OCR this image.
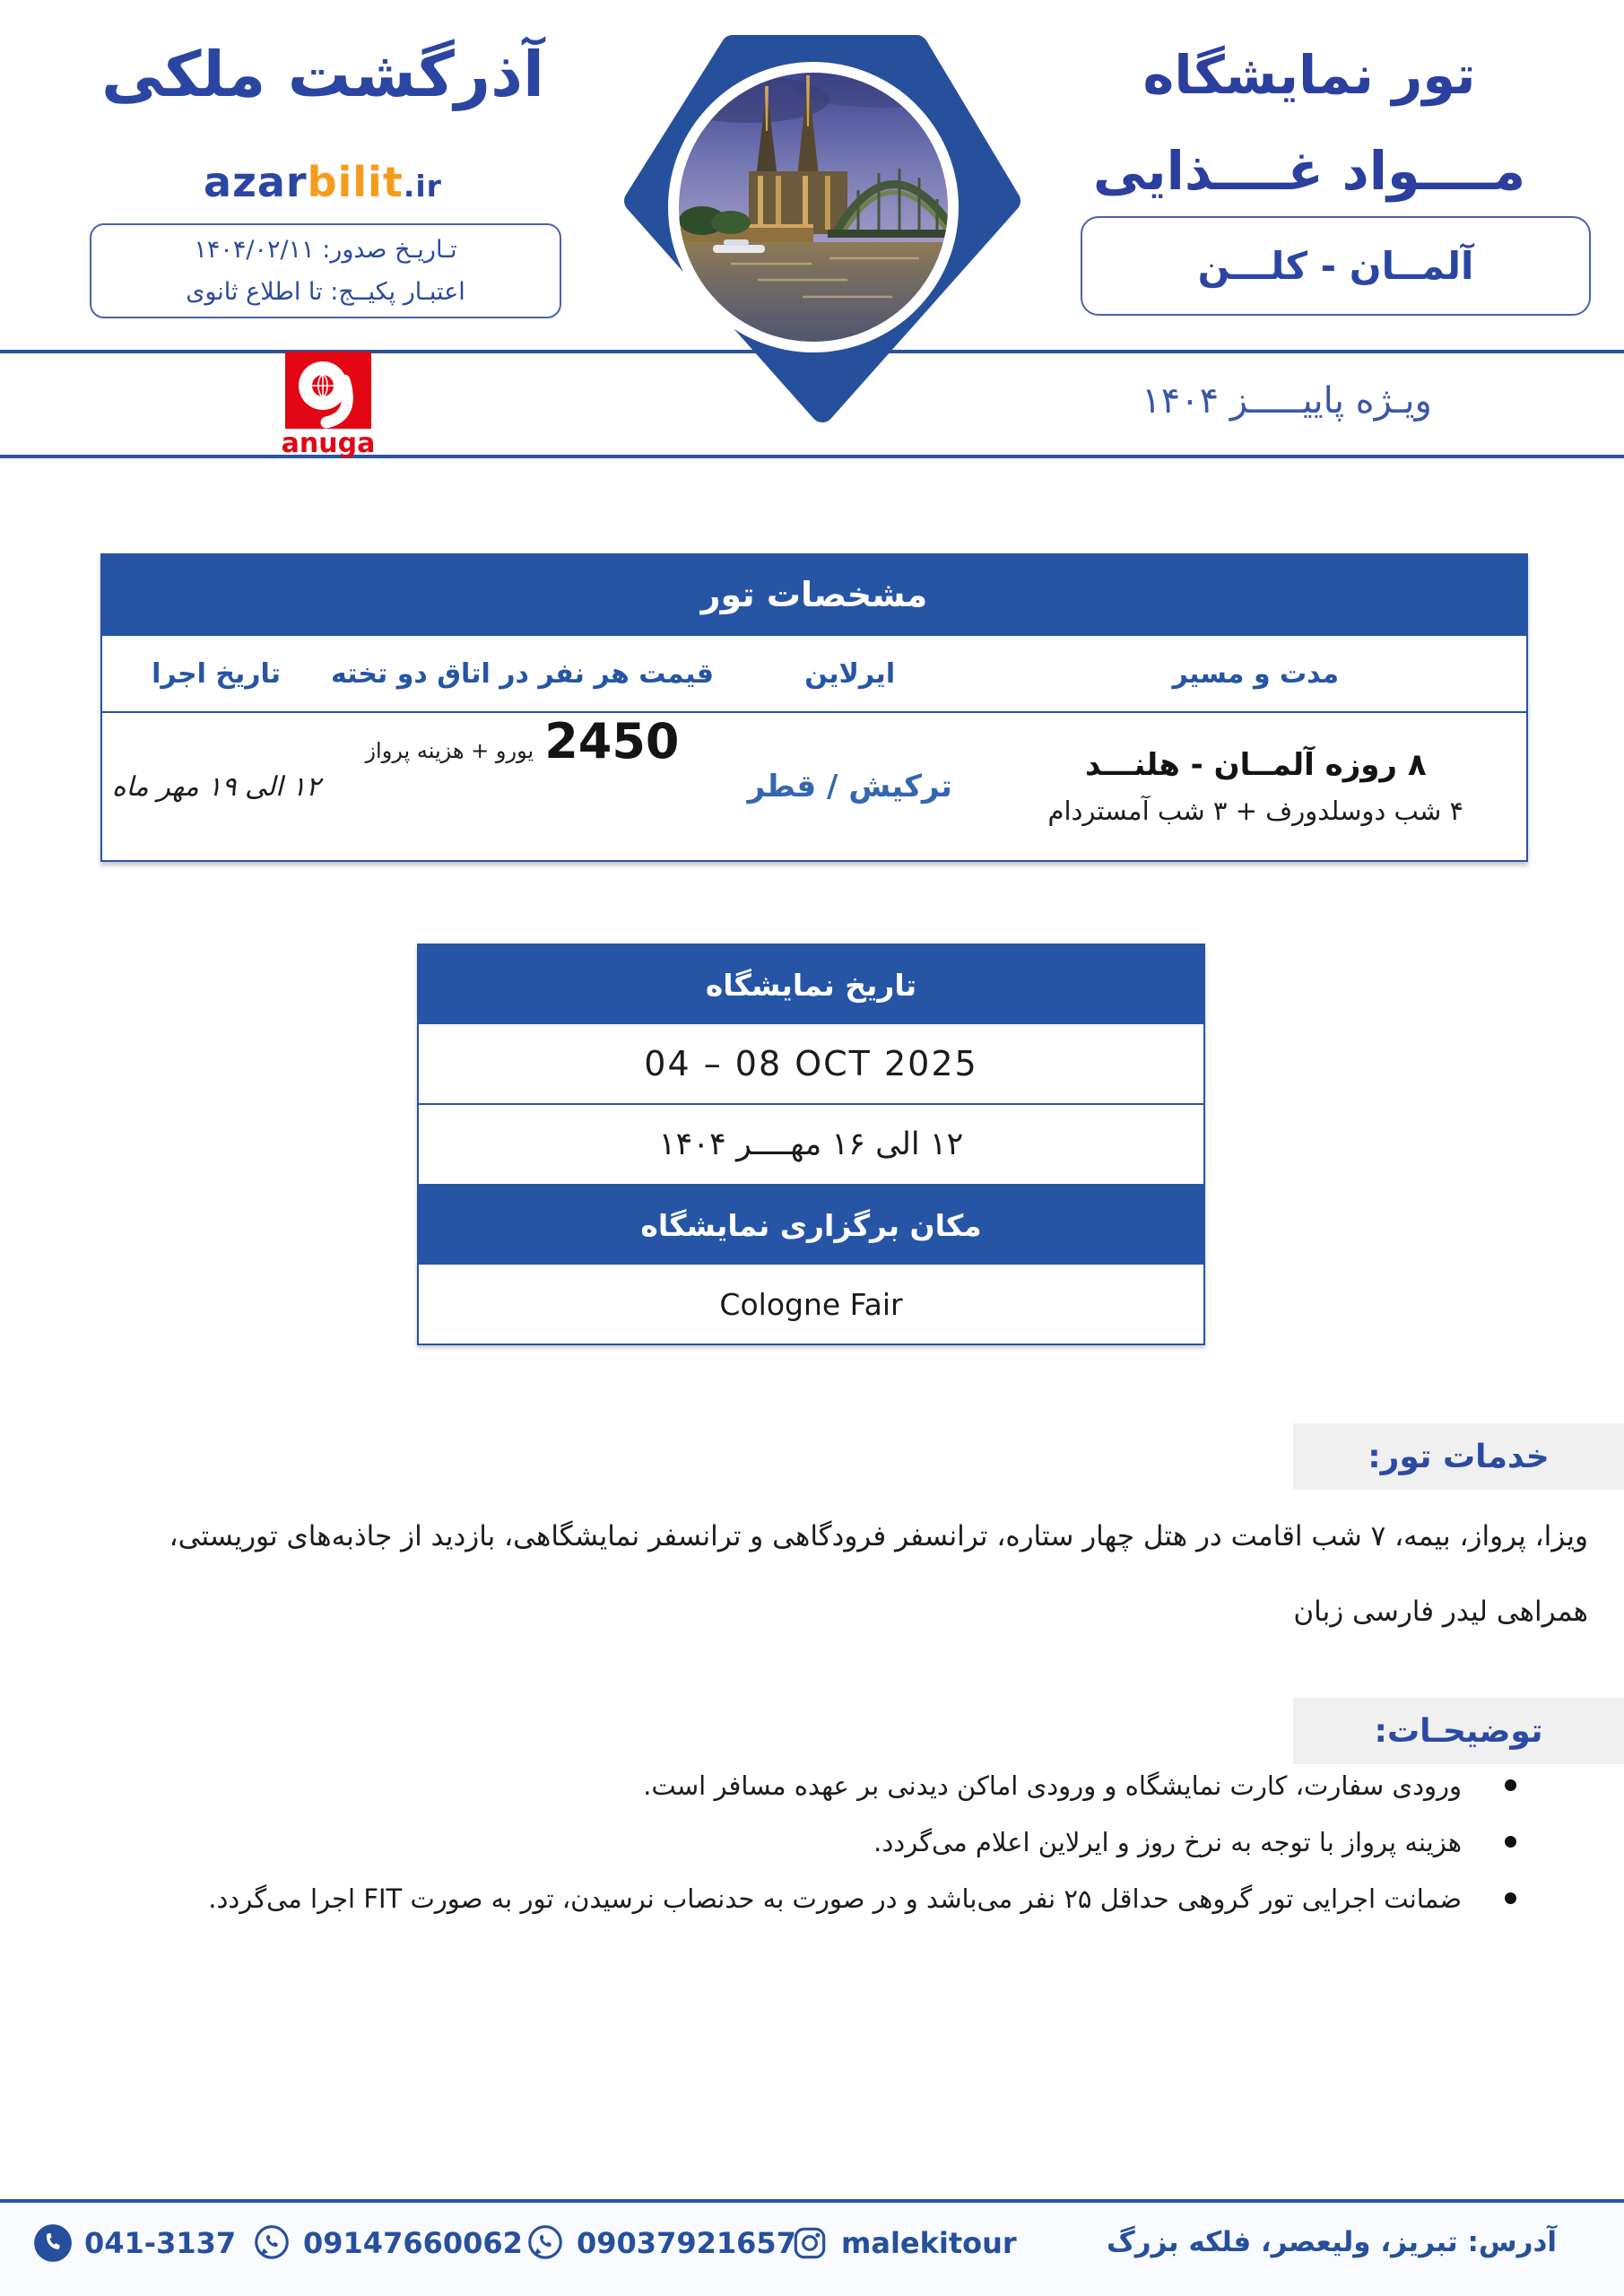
آذرگشت ملکی
azarbilit.ir
تـاریـخ صدور: ۱۴۰۴/۰۲/۱۱
اعتبـار پکیــج: تا اطلاع ثانوی
تور نمایشگاه
مــــواد غــــذایی
آلمــان - کلـــن
anuga
ویـژه پاییـــــز ۱۴۰۴
مشخصات تور
مدت و مسیر
ایرلاین
قیمت هر نفر در اتاق دو تخته
تاریخ اجرا
۸ روزه آلمــان - هلنـــد
۴ شب دوسلدورف + ۳ شب آمستردام
ترکیش / قطر
2450
یورو + هزینه پرواز
۱۲ الی ۱۹ مهر ماه
تاریخ نمایشگاه
04 – 08 OCT 2025
۱۲ الی ۱۶ مهــــر ۱۴۰۴
مکان برگزاری نمایشگاه
Cologne Fair
خدمات تور:
ویزا، پرواز، بیمه، ۷ شب اقامت در هتل چهار ستاره، ترانسفر فرودگاهی و ترانسفر نمایشگاهی، بازدید از جاذبه‌های توریستی، همراهی لیدر فارسی زبان
توضیحـات:
ورودی سفارت، کارت نمایشگاه و ورودی اماکن دیدنی بر عهده مسافر است.
هزینه پرواز با توجه به نرخ روز و ایرلاین اعلام می‌گردد.
ضمانت اجرایی تور گروهی حداقل ۲۵ نفر می‌باشد و در صورت به حدنصاب نرسیدن، تور به صورت FIT اجرا می‌گردد.
041-3137 09147660062 09037921657 malekitour	آدرس: تبریز، ولیعصر، فلکه بزرگ
